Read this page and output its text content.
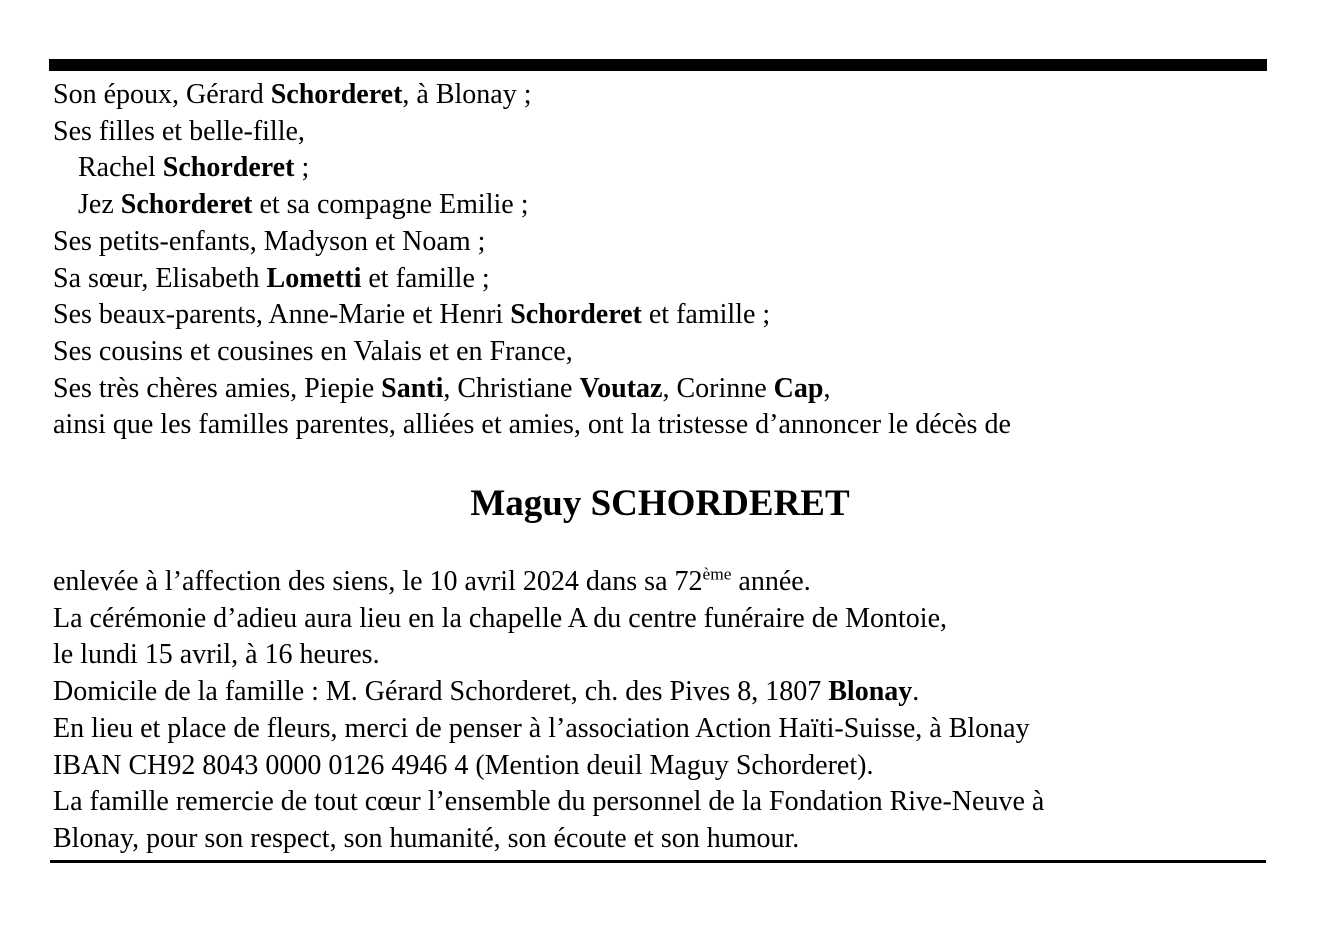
Son époux, Gérard Schorderet, à Blonay ;
Ses filles et belle-fille,
Rachel Schorderet ;
Jez Schorderet et sa compagne Emilie ;
Ses petits-enfants, Madyson et Noam ;
Sa sœur, Elisabeth Lometti et famille ;
Ses beaux-parents, Anne-Marie et Henri Schorderet et famille ;
Ses cousins et cousines en Valais et en France,
Ses très chères amies, Piepie Santi, Christiane Voutaz, Corinne Cap,
ainsi que les familles parentes, alliées et amies, ont la tristesse d’annoncer le décès de
Maguy SCHORDERET
enlevée à l’affection des siens, le 10 avril 2024 dans sa 72ème année.
La cérémonie d’adieu aura lieu en la chapelle A du centre funéraire de Montoie,
le lundi 15 avril, à 16 heures.
Domicile de la famille : M. Gérard Schorderet, ch. des Pives 8, 1807 Blonay.
En lieu et place de fleurs, merci de penser à l’association Action Haïti-Suisse, à Blonay
IBAN CH92 8043 0000 0126 4946 4 (Mention deuil Maguy Schorderet).
La famille remercie de tout cœur l’ensemble du personnel de la Fondation Rive-Neuve à
Blonay, pour son respect, son humanité, son écoute et son humour.
